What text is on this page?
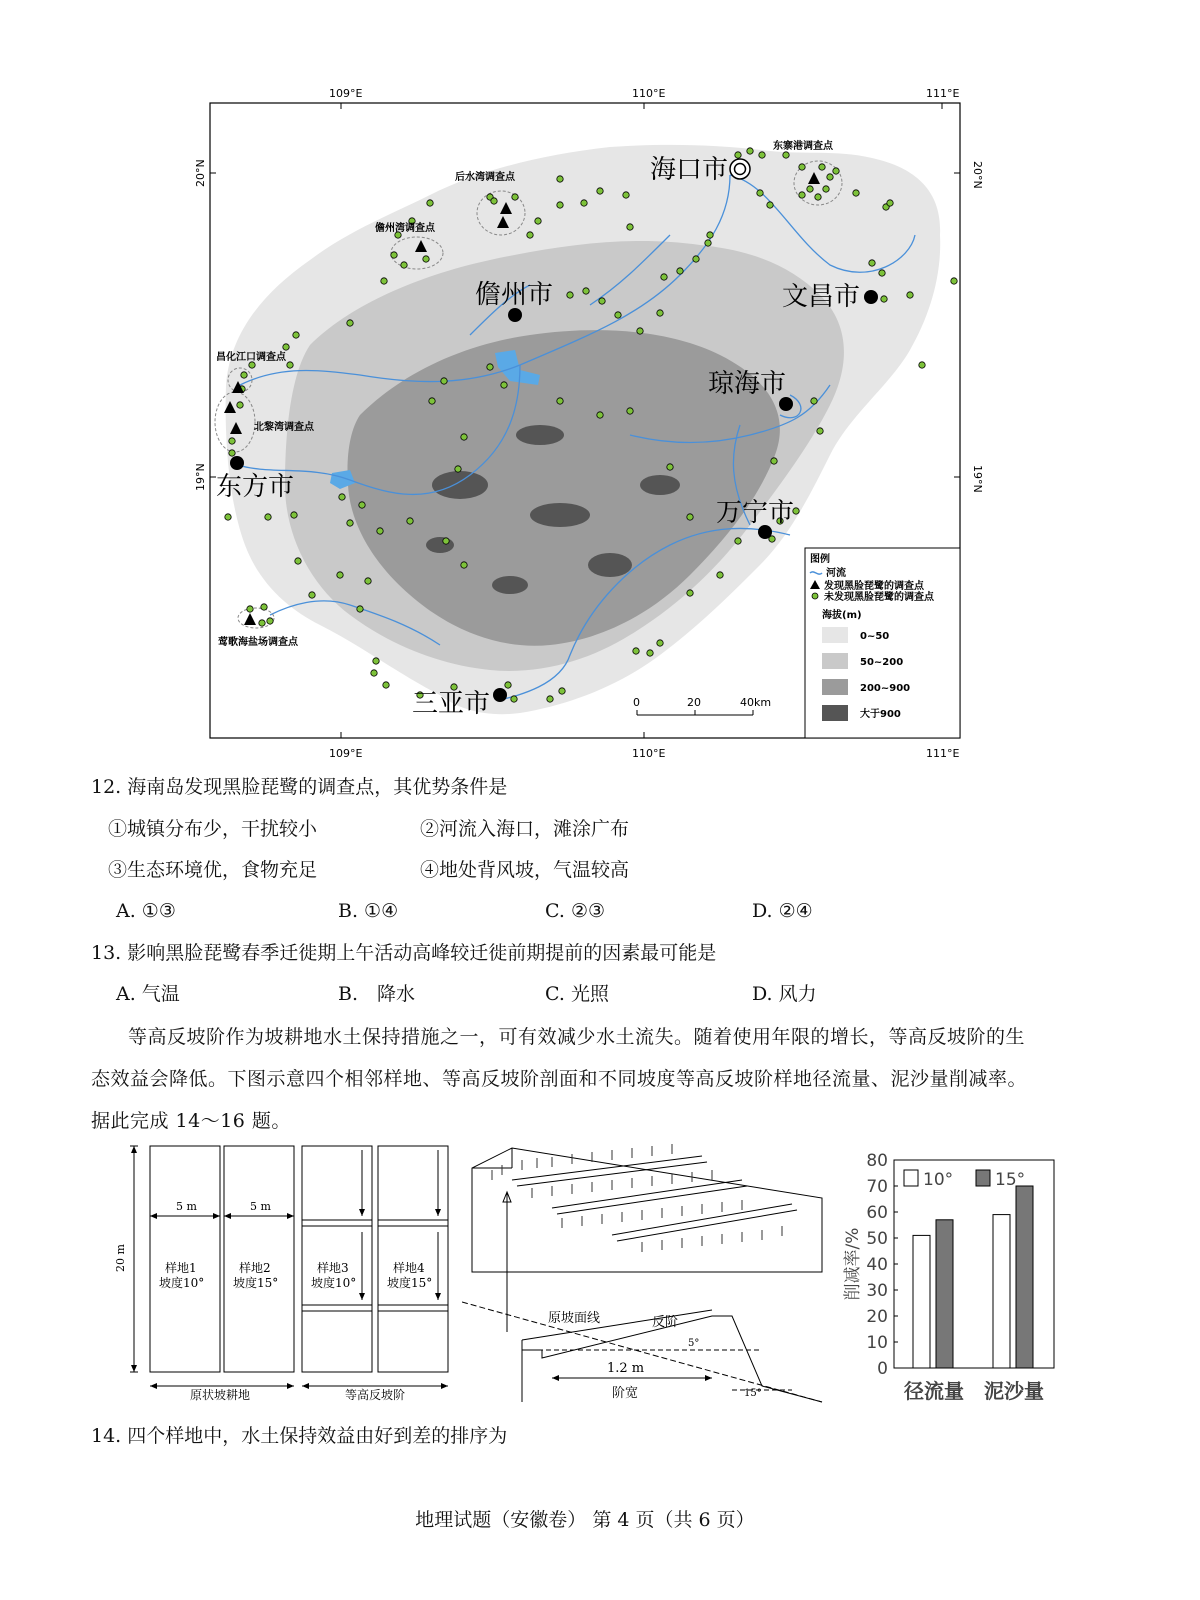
109°E	110°E	111°E
109°E	110°E	111°E
20°N
19°N
20°N
19°N
海口市
文昌市
儋州市
琼海市
东方市
万宁市
三亚市
东寨港调查点
后水湾调查点
儋州湾调查点
昌化江口调查点
北黎湾调查点
莺歌海盐场调查点
0	20	40km
图例
河流
发现黑脸琵鹭的调查点
未发现黑脸琵鹭的调查点
海拔(m)
0~50
50~200
200~900
大于900
12. 海南岛发现黑脸琵鹭的调查点，其优势条件是
①城镇分布少，干扰较小	②河流入海口，滩涂广布
③生态环境优，食物充足	④地处背风坡，气温较高
A. ①③	B. ①④	C. ②③	D. ②④
13. 影响黑脸琵鹭春季迁徙期上午活动高峰较迁徙前期提前的因素最可能是
A. 气温	B.　降水	C. 光照	D. 风力
等高反坡阶作为坡耕地水土保持措施之一，可有效减少水土流失。随着使用年限的增长，等高反坡阶的生
态效益会降低。下图示意四个相邻样地、等高反坡阶剖面和不同坡度等高反坡阶样地径流量、泥沙量削减率。
据此完成 14～16 题。
20 m
5 m	5 m
样地1
坡度10°
样地2
坡度15°
样地3
坡度10°
样地4
坡度15°
原状坡耕地	等高反坡阶
原坡面线	反阶
1.2 m
阶宽
5°
15°
0
10
20
30
40
50
60
70
80
削减率/%
径流量 泥沙量
10° 15°
14. 四个样地中，水土保持效益由好到差的排序为
地理试题（安徽卷） 第 4 页（共 6 页）
